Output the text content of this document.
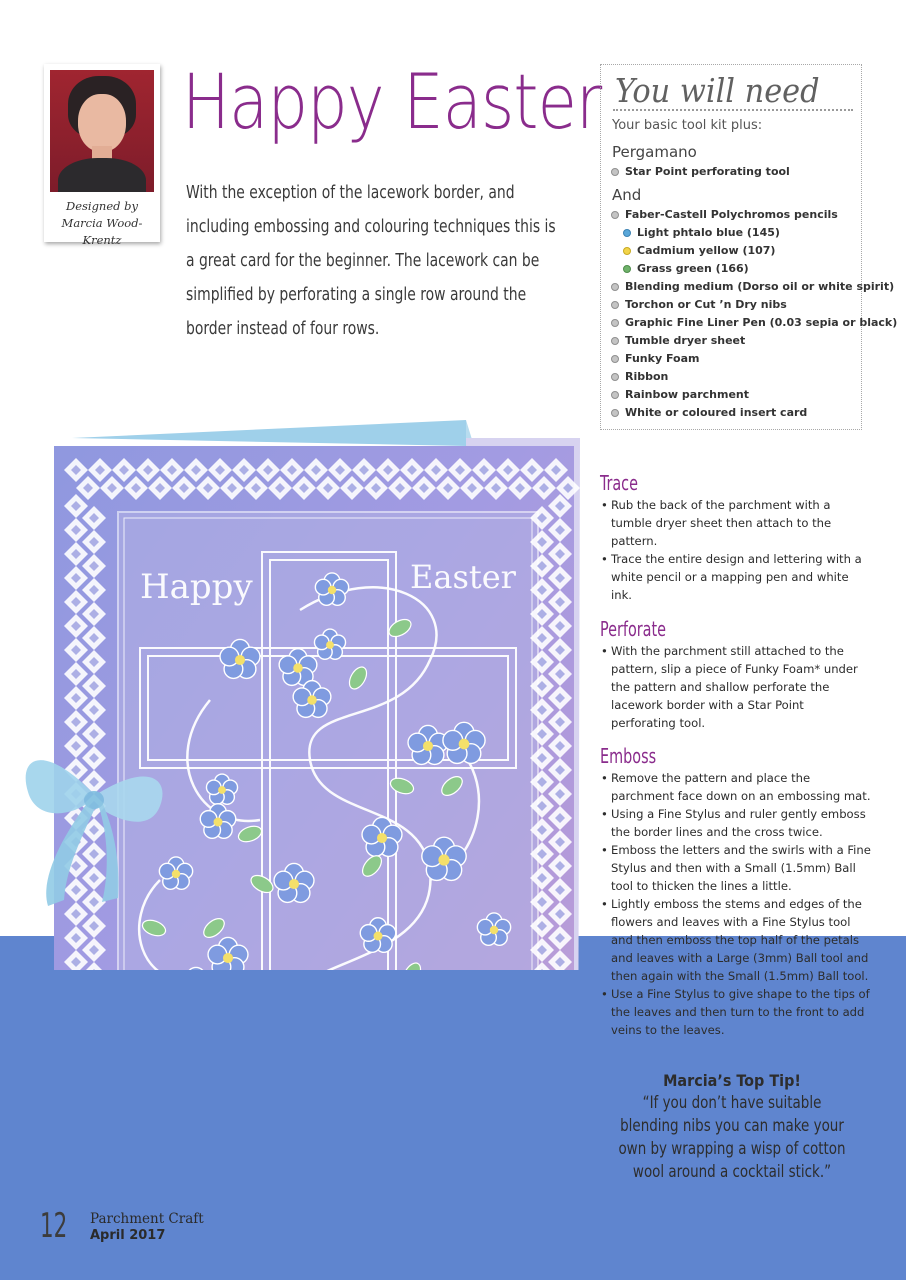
Designed by
Marcia Wood-Krentz
Happy Easter

With the exception of the lacework border, and including embossing and colouring techniques this is a great card for the beginner. The lacework can be simplified by perforating a single row around the border instead of four rows.

You will need
Your basic tool kit plus:
Pergamano
Star Point perforating tool
And
Faber-Castell Polychromos pencils
Light phtalo blue (145)
Cadmium yellow (107)
Grass green (166)
Blending medium (Dorso oil or white spirit)
Torchon or Cut ’n Dry nibs
Graphic Fine Liner Pen (0.03 sepia or black)
Tumble dryer sheet
Funky Foam
Ribbon
Rainbow parchment
White or coloured insert card
Happy	Easter
Trace
• Rub the back of the parchment with a tumble dryer sheet then attach to the pattern.
• Trace the entire design and lettering with a white pencil or a mapping pen and white ink.
Perforate
• With the parchment still attached to the pattern, slip a piece of Funky Foam* under the pattern and shallow perforate the lacework border with a Star Point perforating tool.
Emboss
• Remove the pattern and place the parchment face down on an embossing mat.
• Using a Fine Stylus and ruler gently emboss the border lines and the cross twice.
• Emboss the letters and the swirls with a Fine Stylus and then with a Small (1.5mm) Ball tool to thicken the lines a little.
• Lightly emboss the stems and edges of the flowers and leaves with a Fine Stylus tool and then emboss the top half of the petals and leaves with a Large (3mm) Ball tool and then again with the Small (1.5mm) Ball tool.
• Use a Fine Stylus to give shape to the tips of the leaves and then turn to the front to add veins to the leaves.
Marcia’s Top Tip!
“If you don’t have suitable blending nibs you can make your own by wrapping a wisp of cotton wool around a cocktail stick.”
12 Parchment Craft
April 2017
